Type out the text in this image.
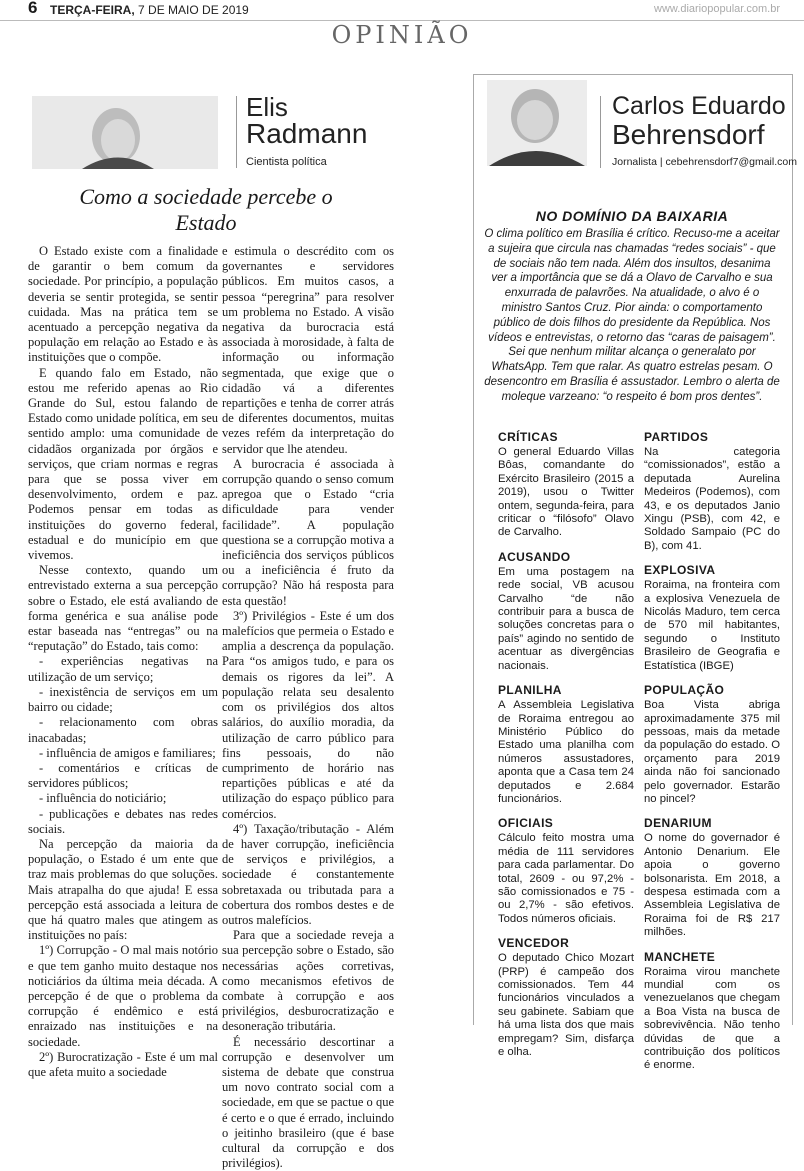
6 TERÇA-FEIRA, 7 DE MAIO DE 2019	www.diariopopular.com.br
OPINIÃO
Elis
Radmann
Cientista política
Como a sociedade percebe o Estado

O Estado existe com a finalidade de garantir o bem comum da sociedade. Por princípio, a população deveria se sentir protegida, se sentir cuidada. Mas na prática tem se acentuado a percepção negativa da população em relação ao Estado e às instituições que o compõe.

E quando falo em Estado, não estou me referido apenas ao Rio Grande do Sul, estou falando de Estado como unidade política, em seu sentido amplo: uma comunidade de cidadãos organizada por órgãos e serviços, que criam normas e regras para que se possa viver em desenvolvimento, ordem e paz. Podemos pensar em todas as instituições do governo federal, estadual e do município em que vivemos.

Nesse contexto, quando um entrevistado externa a sua percepção sobre o Estado, ele está avaliando de forma genérica e sua análise pode estar baseada nas “entregas” ou na “reputação” do Estado, tais como:

- experiências negativas na utilização de um serviço;

- inexistência de serviços em um bairro ou cidade;

- relacionamento com obras inacabadas;

- influência de amigos e familiares;

- comentários e críticas de servidores públicos;

- influência do noticiário;

- publicações e debates nas redes sociais.

Na percepção da maioria da população, o Estado é um ente que traz mais problemas do que soluções. Mais atrapalha do que ajuda! E essa percepção está associada a leitura de que há quatro males que atingem as instituições no país:

1º) Corrupção - O mal mais notório e que tem ganho muito destaque nos noticiários da última meia década. A percepção é de que o problema da corrupção é endêmico e está enraizado nas instituições e na sociedade.

2º) Burocratização - Este é um mal que afeta muito a sociedade

e estimula o descrédito com os governantes e servidores públicos. Em muitos casos, a pessoa “peregrina” para resolver um problema no Estado. A visão negativa da burocracia está associada à morosidade, à falta de informação ou informação segmentada, que exige que o cidadão vá a diferentes repartições e tenha de correr atrás de diferentes documentos, muitas vezes refém da interpretação do servidor que lhe atendeu.

A burocracia é associada à corrupção quando o senso comum apregoa que o Estado “cria dificuldade para vender facilidade”. A população questiona se a corrupção motiva a ineficiência dos serviços públicos ou a ineficiência é fruto da corrupção? Não há resposta para esta questão!

3º) Privilégios - Este é um dos malefícios que permeia o Estado e amplia a descrença da população. Para “os amigos tudo, e para os demais os rigores da lei”. A população relata seu desalento com os privilégios dos altos salários, do auxílio moradia, da utilização de carro público para fins pessoais, do não cumprimento de horário nas repartições públicas e até da utilização do espaço público para comércios.

4º) Taxação/tributação - Além de haver corrupção, ineficiência de serviços e privilégios, a sociedade é constantemente sobretaxada ou tributada para a cobertura dos rombos destes e de outros malefícios.

Para que a sociedade reveja a sua percepção sobre o Estado, são necessárias ações corretivas, como mecanismos efetivos de combate à corrupção e aos privilégios, desburocratização e desoneração tributária.

É necessário descortinar a corrupção e desenvolver um sistema de debate que construa um novo contrato social com a sociedade, em que se pactue o que é certo e o que é errado, incluindo o jeitinho brasileiro (que é base cultural da corrupção e dos privilégios).

Carlos Eduardo
Behrensdorf
Jornalista | cebehrensdorf7@gmail.com
NO DOMÍNIO DA BAIXARIA
O clima político em Brasília é crítico. Recuso-me a aceitar a sujeira que circula nas chamadas “redes sociais” - que de sociais não tem nada. Além dos insultos, desanima ver a importância que se dá a Olavo de Carvalho e sua enxurrada de palavrões. Na atualidade, o alvo é o ministro Santos Cruz. Pior ainda: o comportamento público de dois filhos do presidente da República. Nos vídeos e entrevistas, o retorno das “caras de paisagem”. Sei que nenhum militar alcança o generalato por WhatsApp. Tem que ralar. As quatro estrelas pesam. O desencontro em Brasília é assustador. Lembro o alerta de moleque varzeano: “o respeito é bom pros dentes”.
CRÍTICAS
O general Eduardo Villas Bôas, comandante do Exército Brasileiro (2015 a 2019), usou o Twitter ontem, segunda-feira, para criticar o “filósofo” Olavo de Carvalho.
ACUSANDO
Em uma postagem na rede social, VB acusou Carvalho “de não contribuir para a busca de soluções concretas para o país” agindo no sentido de acentuar as divergências nacionais.
PLANILHA
A Assembleia Legislativa de Roraima entregou ao Ministério Público do Estado uma planilha com números assustadores, aponta que a Casa tem 24 deputados e 2.684 funcionários.
OFICIAIS
Cálculo feito mostra uma média de 111 servidores para cada parlamentar. Do total, 2609 - ou 97,2% - são comissionados e 75 - ou 2,7% - são efetivos. Todos números oficiais.
VENCEDOR
O deputado Chico Mozart (PRP) é campeão dos comissionados. Tem 44 funcionários vinculados a seu gabinete. Sabiam que há uma lista dos que mais empregam? Sim, disfarça e olha.
PARTIDOS
Na categoria “comissionados”, estão a deputada Aurelina Medeiros (Podemos), com 43, e os deputados Janio Xingu (PSB), com 42, e Soldado Sampaio (PC do B), com 41.
EXPLOSIVA
Roraima, na fronteira com a explosiva Venezuela de Nicolás Maduro, tem cerca de 570 mil habitantes, segundo o Instituto Brasileiro de Geografia e Estatística (IBGE)
POPULAÇÃO
Boa Vista abriga aproximadamente 375 mil pessoas, mais da metade da população do estado. O orçamento para 2019 ainda não foi sancionado pelo governador. Estarão no pincel?
DENARIUM
O nome do governador é Antonio Denarium. Ele apoia o governo bolsonarista. Em 2018, a despesa estimada com a Assembleia Legislativa de Roraima foi de R$ 217 milhões.
MANCHETE
Roraima virou manchete mundial com os venezuelanos que chegam a Boa Vista na busca de sobrevivência. Não tenho dúvidas de que a contribuição dos políticos é enorme.
